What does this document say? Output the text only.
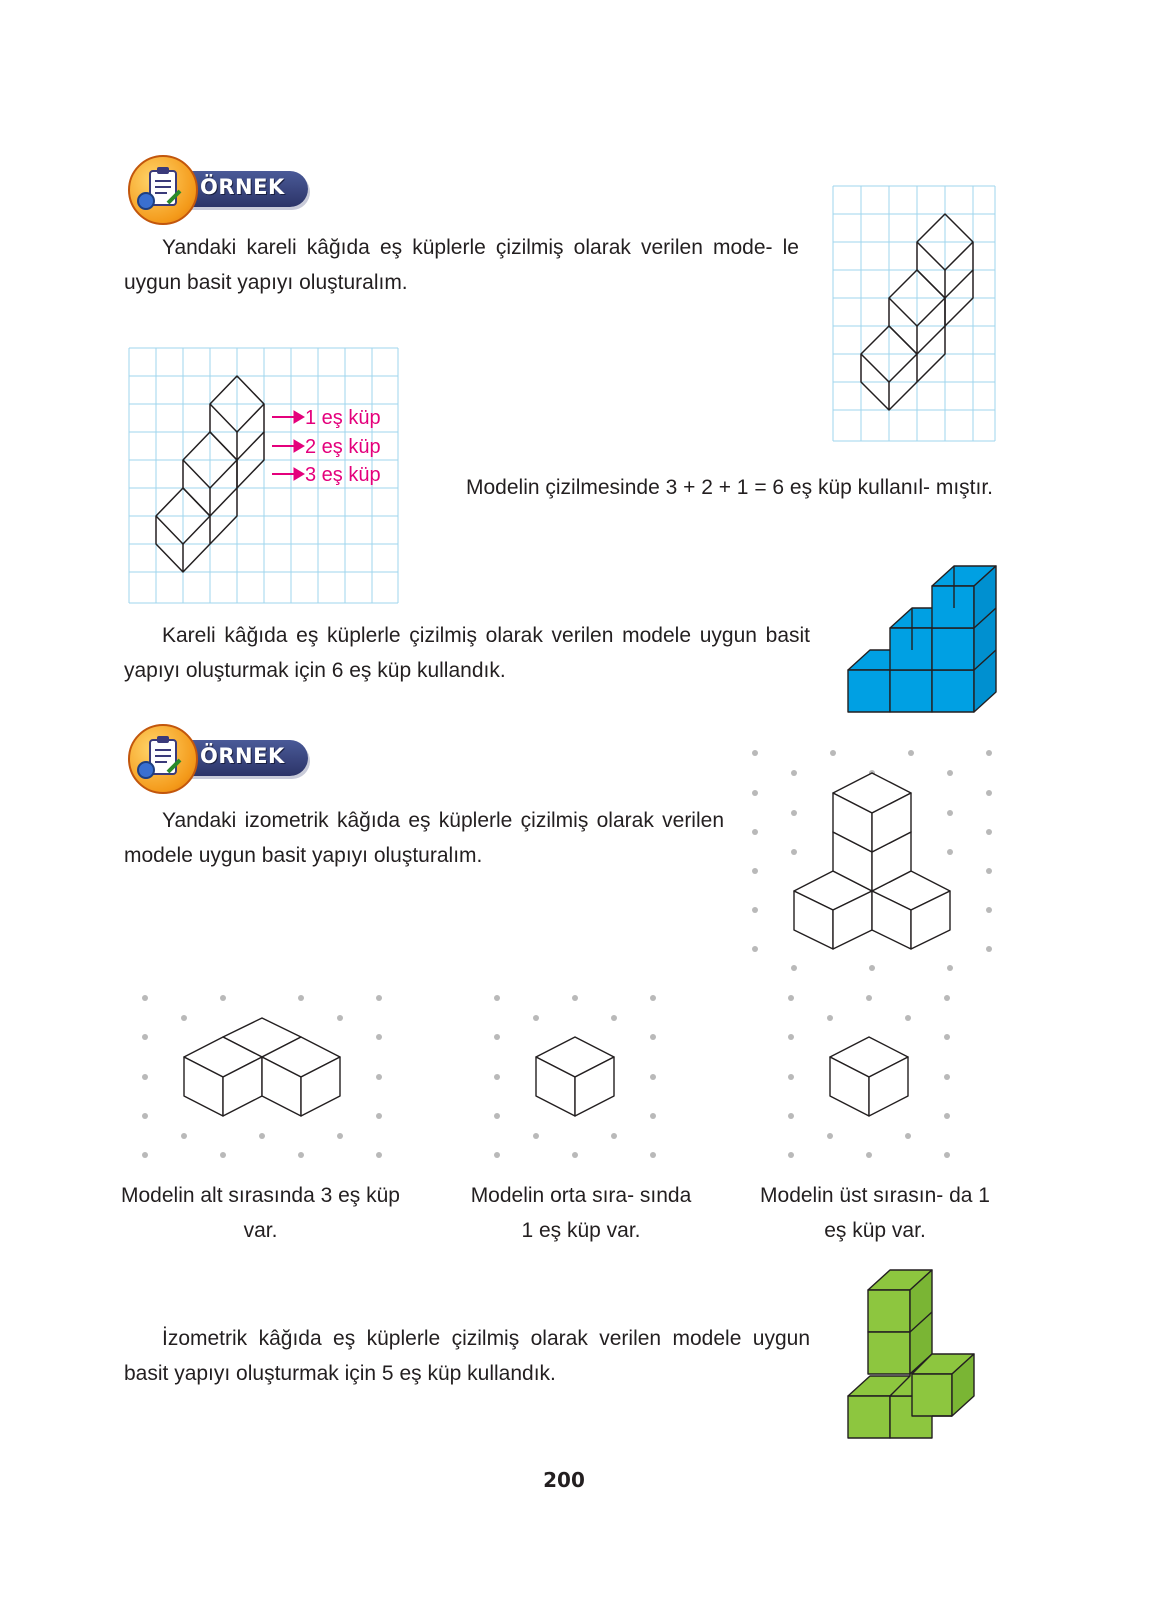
ÖRNEK
Yandaki kareli kâğıda eş küplerle çizilmiş olarak verilen mode- le uygun basit yapıyı oluşturalım.
1 eş küp
2 eş küp
3 eş küp
Modelin çizilmesinde 3 + 2 + 1 = 6 eş küp kullanıl- mıştır.
Kareli kâğıda eş küplerle çizilmiş olarak verilen modele uygun basit yapıyı oluşturmak için 6 eş küp kullandık.
ÖRNEK
Yandaki izometrik kâğıda eş küplerle çizilmiş olarak verilen modele uygun basit yapıyı oluşturalım.
Modelin alt sırasında 3 eş küp var.
Modelin orta sıra- sında 1 eş küp var.
Modelin üst sırasın- da 1 eş küp var.
İzometrik kâğıda eş küplerle çizilmiş olarak verilen modele uygun basit yapıyı oluşturmak için 5 eş küp kullandık.
200
